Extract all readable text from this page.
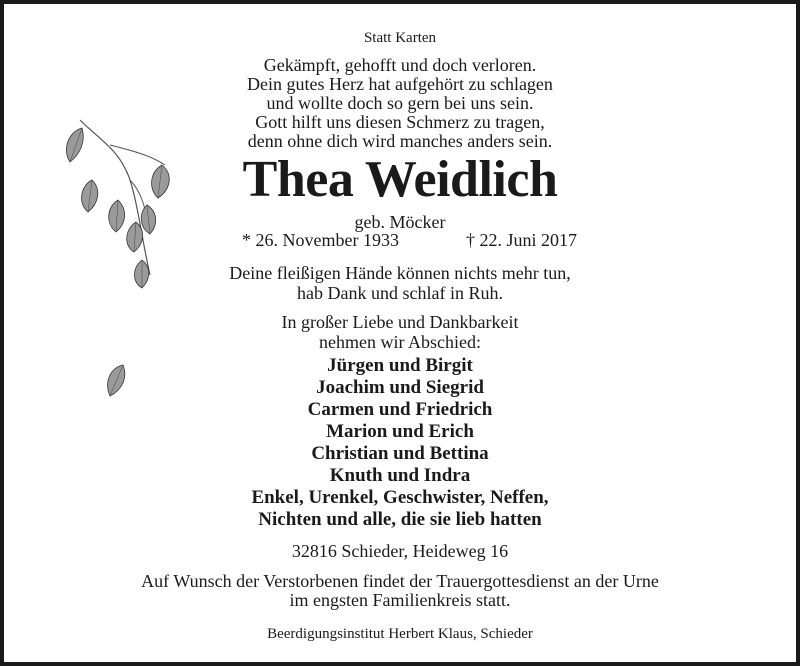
Statt Karten
Gekämpft, gehofft und doch verloren.
Dein gutes Herz hat aufgehört zu schlagen
und wollte doch so gern bei uns sein.
Gott hilft uns diesen Schmerz zu tragen,
denn ohne dich wird manches anders sein.
Thea Weidlich
geb. Möcker
* 26. November 1933	† 22. Juni 2017
Deine fleißigen Hände können nichts mehr tun,
hab Dank und schlaf in Ruh.
In großer Liebe und Dankbarkeit
nehmen wir Abschied:
Jürgen und Birgit
Joachim und Siegrid
Carmen und Friedrich
Marion und Erich
Christian und Bettina
Knuth und Indra
Enkel, Urenkel, Geschwister, Neffen,
Nichten und alle, die sie lieb hatten
32816 Schieder, Heideweg 16
Auf Wunsch der Verstorbenen findet der Trauergottesdienst an der Urne
im engsten Familienkreis statt.
Beerdigungsinstitut Herbert Klaus, Schieder
